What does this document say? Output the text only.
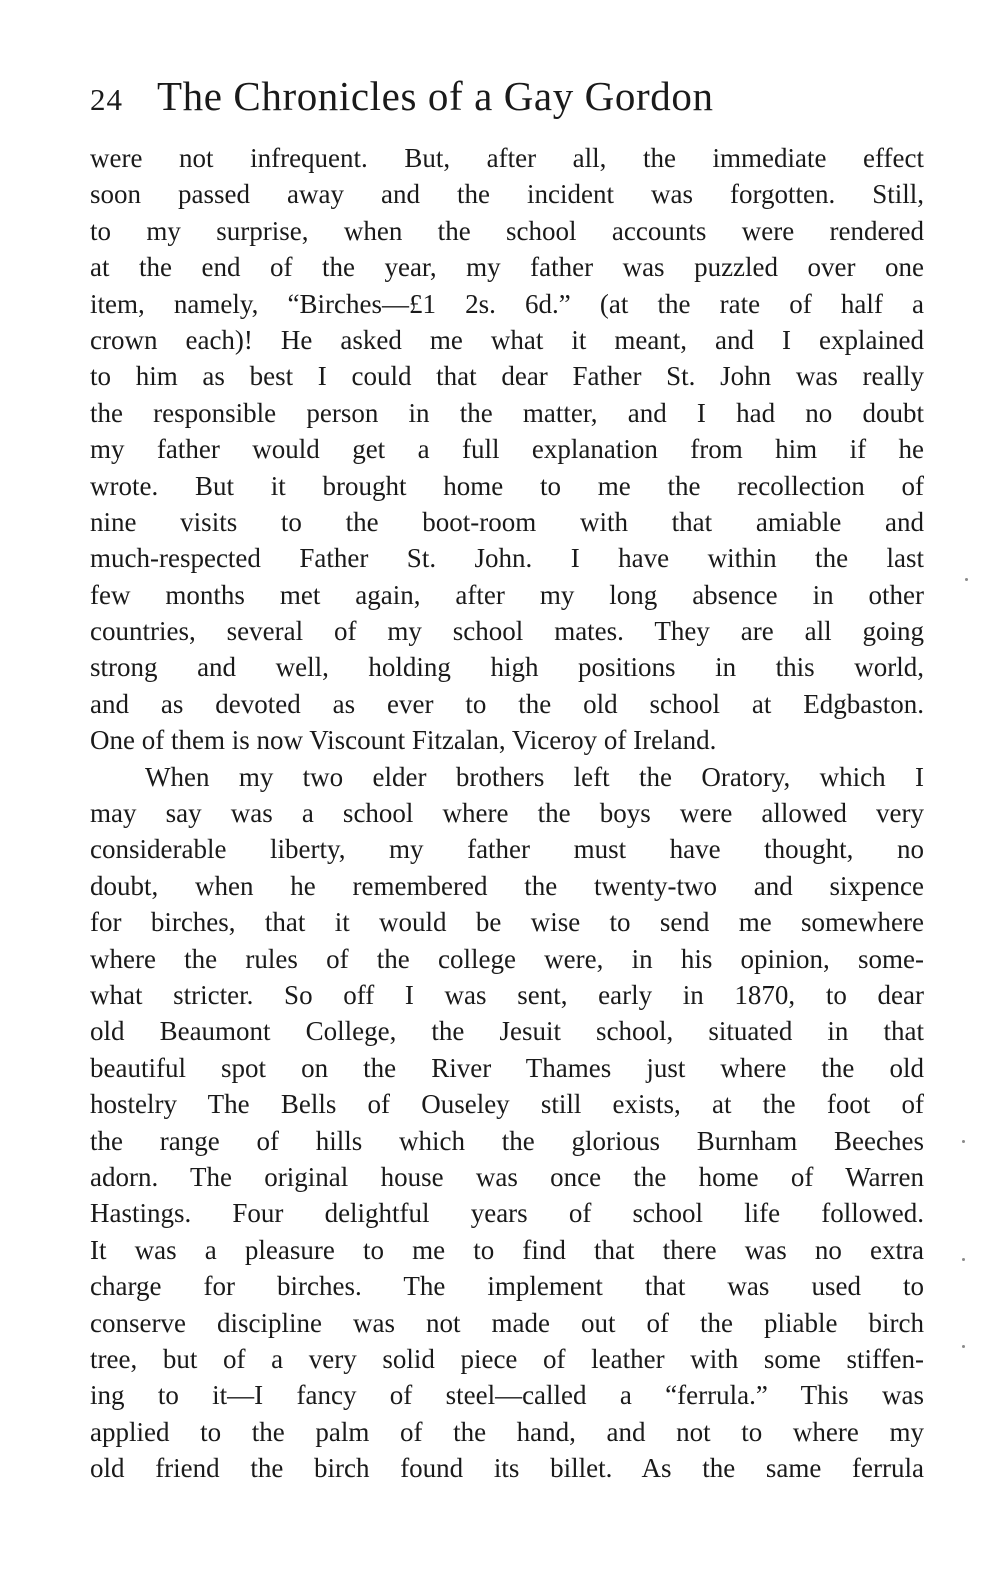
24 The Chronicles of a Gay Gordon
were not infrequent. But, after all, the immediate effect
soon passed away and the incident was forgotten. Still,
to my surprise, when the school accounts were rendered
at the end of the year, my father was puzzled over one
item, namely, “Birches—£1 2s. 6d.” (at the rate of half a
crown each)! He asked me what it meant, and I explained
to him as best I could that dear Father St. John was really
the responsible person in the matter, and I had no doubt
my father would get a full explanation from him if he
wrote. But it brought home to me the recollection of
nine visits to the boot-room with that amiable and
much-respected Father St. John. I have within the last
few months met again, after my long absence in other
countries, several of my school mates. They are all going
strong and well, holding high positions in this world,
and as devoted as ever to the old school at Edgbaston.
One of them is now Viscount Fitzalan, Viceroy of Ireland.
When my two elder brothers left the Oratory, which I
may say was a school where the boys were allowed very
considerable liberty, my father must have thought, no
doubt, when he remembered the twenty-two and sixpence
for birches, that it would be wise to send me somewhere
where the rules of the college were, in his opinion, some-
what stricter. So off I was sent, early in 1870, to dear
old Beaumont College, the Jesuit school, situated in that
beautiful spot on the River Thames just where the old
hostelry The Bells of Ouseley still exists, at the foot of
the range of hills which the glorious Burnham Beeches
adorn. The original house was once the home of Warren
Hastings. Four delightful years of school life followed.
It was a pleasure to me to find that there was no extra
charge for birches. The implement that was used to
conserve discipline was not made out of the pliable birch
tree, but of a very solid piece of leather with some stiffen-
ing to it—I fancy of steel—called a “ferrula.” This was
applied to the palm of the hand, and not to where my
old friend the birch found its billet. As the same ferrula
